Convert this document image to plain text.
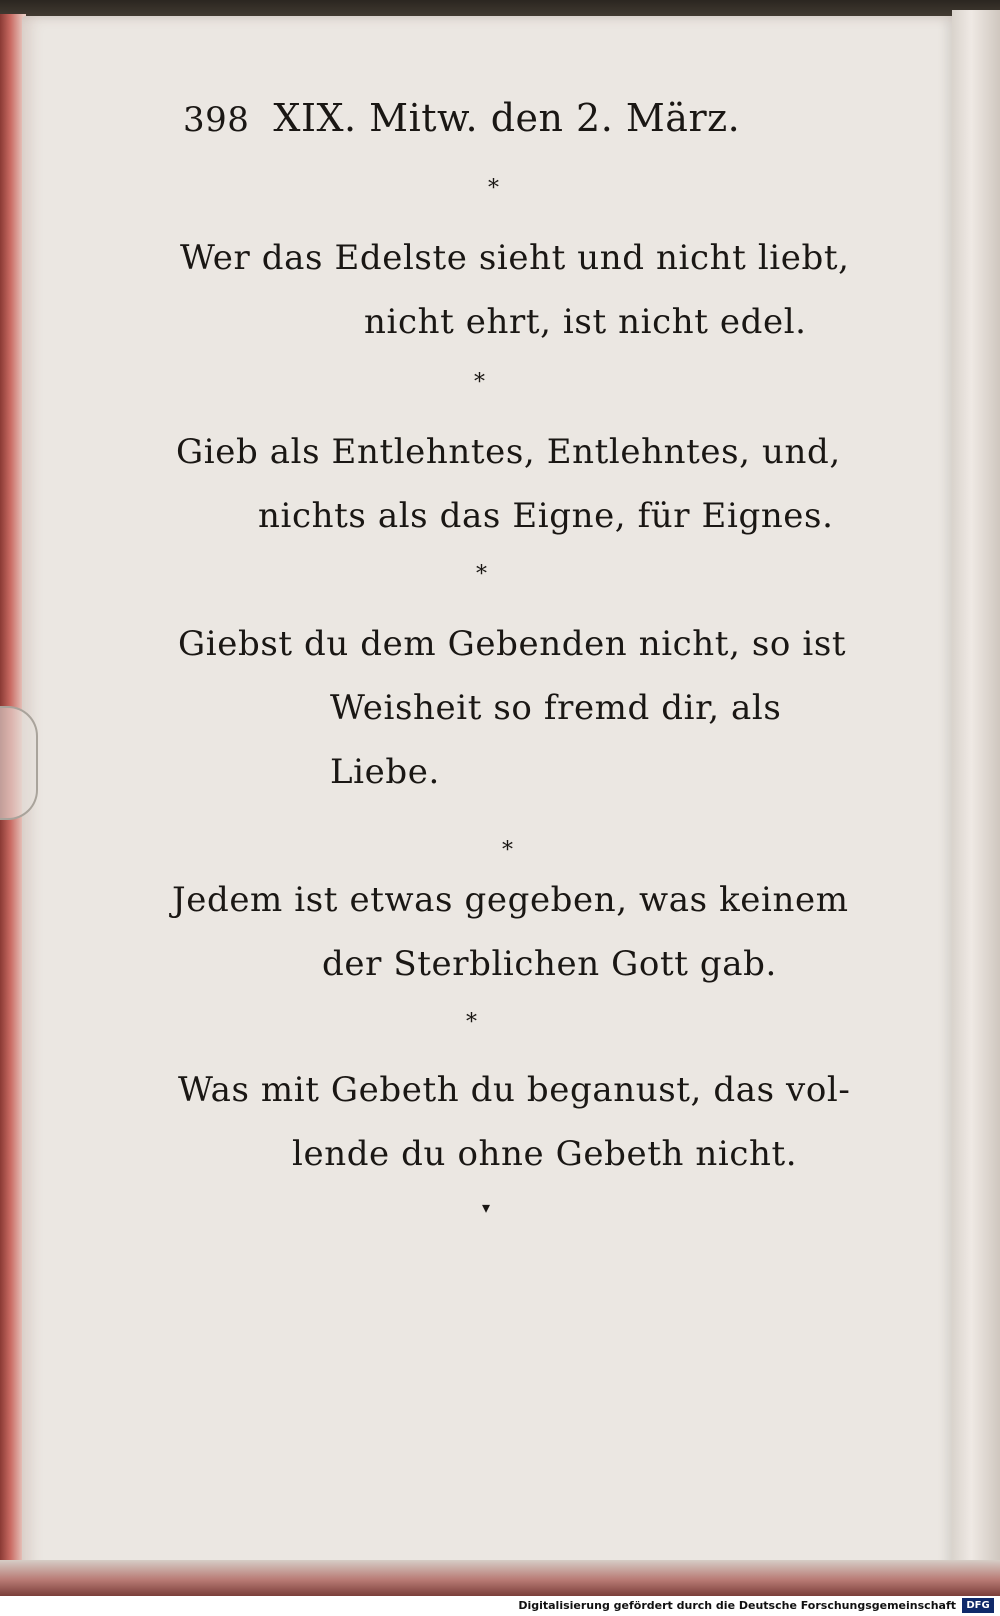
398 XIX. Mitw. den 2. März.
*
Wer das Edelste sieht und nicht liebt,
nicht ehrt, ist nicht edel.
*
Gieb als Entlehntes, Entlehntes, und,
nichts als das Eigne, für Eignes.
*
Giebst du dem Gebenden nicht, so ist
Weisheit so fremd dir, als
Liebe.
*
Jedem ist etwas gegeben, was keinem
der Sterblichen Gott gab.
*
Was mit Gebeth du beganust, das vol-
lende du ohne Gebeth nicht.
▾
Digitalisierung gefördert durch die Deutsche Forschungsgemeinschaft	DFG
